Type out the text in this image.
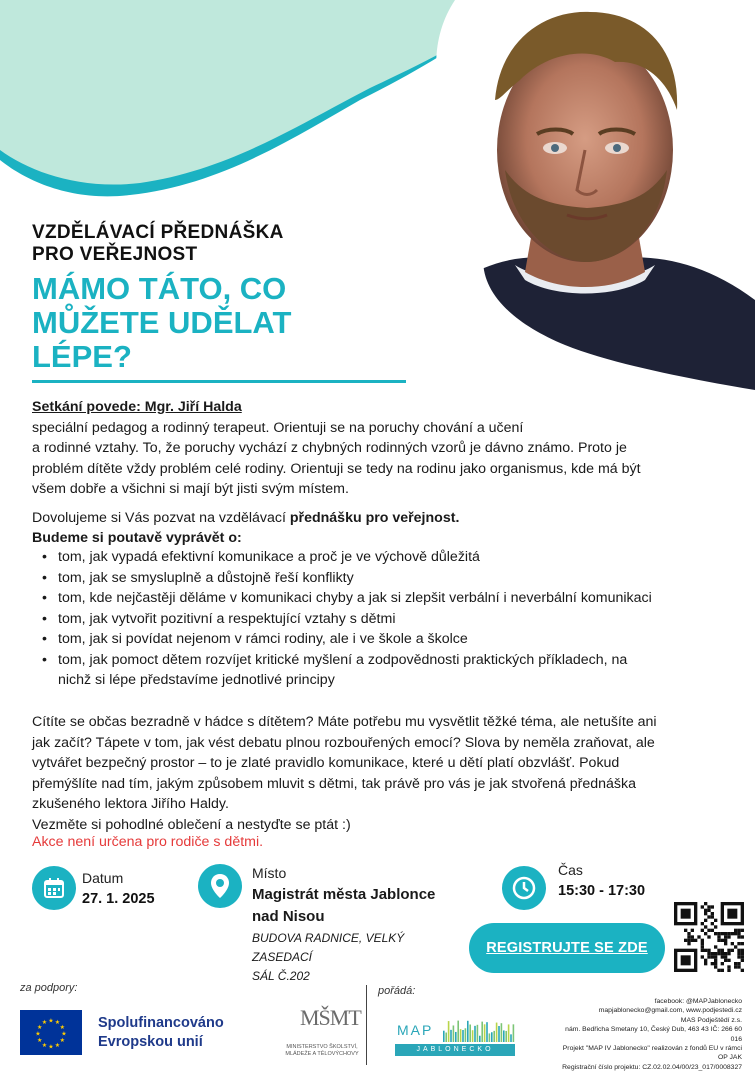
VZDĚLÁVACÍ PŘEDNÁŠKA
PRO VEŘEJNOST
MÁMO TÁTO, CO
MŮŽETE UDĚLAT
LÉPE?
Setkání povede: Mgr. Jiří Halda
speciální pedagog a rodinný terapeut. Orientuji se na poruchy chování a učení
a rodinné vztahy. To, že poruchy vychází z chybných rodinných vzorů je dávno známo. Proto je
problém dítěte vždy problém celé rodiny. Orientuji se tedy na rodinu jako organismus, kde má být
všem dobře a všichni si mají být jisti svým místem.
Dovolujeme si Vás pozvat na vzdělávací přednášku pro veřejnost.
Budeme si poutavě vyprávět o:
• tom, jak vypadá efektivní komunikace a proč je ve výchově důležitá
• tom, jak se smysluplně a důstojně řeší konflikty
• tom, kde nejčastěji děláme v komunikaci chyby a jak si zlepšit verbální i neverbální komunikaci
• tom, jak vytvořit pozitivní a respektující vztahy s dětmi
• tom, jak si povídat nejenom v rámci rodiny, ale i ve škole a školce
• tom, jak pomoct dětem rozvíjet kritické myšlení a zodpovědnosti praktických příkladech, na
nichž si lépe představíme jednotlivé principy
Cítíte se občas bezradně v hádce s dítětem? Máte potřebu mu vysvětlit těžké téma, ale netušíte ani
jak začít? Tápete v tom, jak vést debatu plnou rozbouřených emocí? Slova by neměla zraňovat, ale
vytvářet bezpečný prostor – to je zlaté pravidlo komunikace, které u dětí platí obzvlášť. Pokud
přemýšlíte nad tím, jakým způsobem mluvit s dětmi, tak právě pro vás je jak stvořená přednáška
zkušeného lektora Jiřího Haldy.
Vezměte si pohodlné oblečení a nestyďte se ptát :)
Akce není určena pro rodiče s dětmi.
Datum
27. 1. 2025
Místo
Magistrát města Jablonce
nad Nisou
BUDOVA RADNICE, VELKÝ ZASEDACÍ
SÁL Č.202
Čas
15:30 - 17:30
REGISTRUJTE SE ZDE
za podpory:	pořádá:
★
★
★
★
★
★
★
★
★ ★ ★
★ Spolufinancováno
Evropskou unií
MŠMT
MINISTERSTVO ŠKOLSTVÍ,
MLÁDEŽE A TĚLOVÝCHOVY
MAP
JABLONECKO
facebook: @MAPJablonecko
mapjablonecko@gmail.com, www.podjestedi.cz
MAS Podještědí z.s.
nám. Bedřicha Smetany 10, Český Dub, 463 43 IČ: 266 60 016
Projekt "MAP IV Jablonecko" realizován z fondů EU v rámci OP JAK
Registrační číslo projektu: CZ.02.02.04/00/23_017/0008327
